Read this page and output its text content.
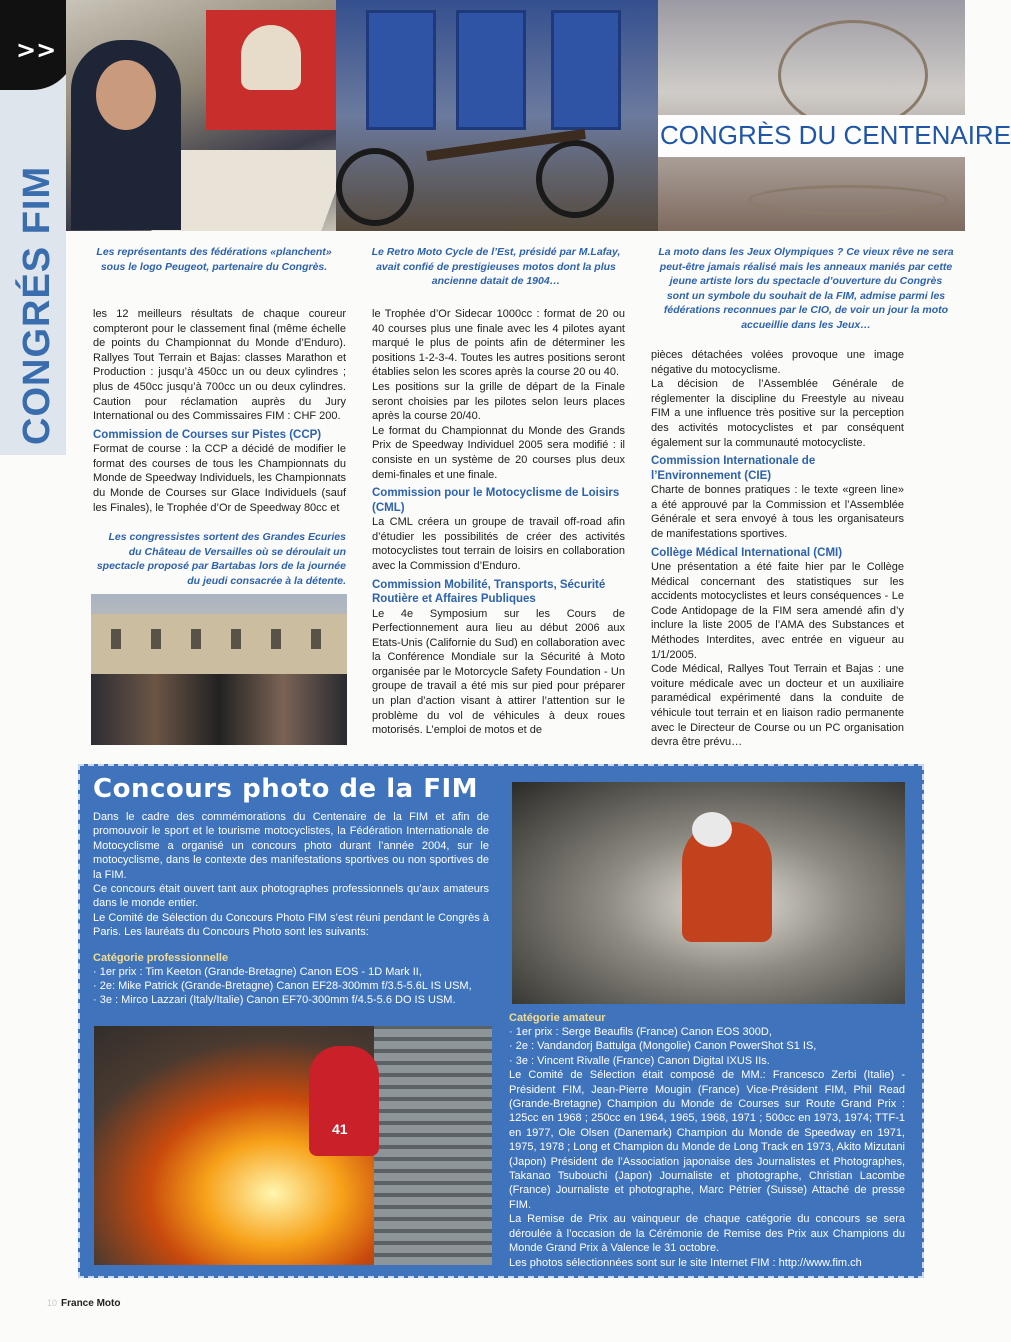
>>
CONGRÉS FIM
CONGRÈS DU CENTENAIRE
Les représentants des fédérations «planchent» sous le logo Peugeot, partenaire du Congrès.
Le Retro Moto Cycle de l’Est, présidé par M.Lafay, avait confié de prestigieuses motos dont la plus ancienne datait de 1904…
La moto dans les Jeux Olympiques ? Ce vieux rêve ne sera peut-être jamais réalisé mais les anneaux maniés par cette jeune artiste lors du spectacle d’ouverture du Congrès sont un symbole du souhait de la FIM, admise parmi les fédérations reconnues par le CIO, de voir un jour la moto accueillie dans les Jeux…

les 12 meilleurs résultats de chaque coureur compteront pour le classement final (même échelle de points du Championnat du Monde d’Enduro). Rallyes Tout Terrain et Bajas: classes Marathon et Production : jusqu’à 450cc un ou deux cylindres ; plus de 450cc jusqu’à 700cc un ou deux cylindres. Caution pour réclamation auprès du Jury International ou des Commissaires FIM : CHF 200.

Commission de Courses sur Pistes (CCP)

Format de course : la CCP a décidé de modifier le format des courses de tous les Championnats du Monde de Speedway Individuels, les Championnats du Monde de Courses sur Glace Individuels (sauf les Finales), le Trophée d’Or de Speedway 80cc et

Les congressistes sortent des Grandes Ecuries du Château de Versailles où se déroulait un spectacle proposé par Bartabas lors de la journée du jeudi consacrée à la détente.

le Trophée d’Or Sidecar 1000cc : format de 20 ou 40 courses plus une finale avec les 4 pilotes ayant marqué le plus de points afin de déterminer les positions 1-2-3-4. Toutes les autres positions seront établies selon les scores après la course 20 ou 40.

Les positions sur la grille de départ de la Finale seront choisies par les pilotes selon leurs places après la course 20/40.

Le format du Championnat du Monde des Grands Prix de Speedway Individuel 2005 sera modifié : il consiste en un système de 20 courses plus deux demi-finales et une finale.

Commission pour le Motocyclisme de Loisirs (CML)

La CML créera un groupe de travail off-road afin d’étudier les possibilités de créer des activités motocyclistes tout terrain de loisirs en collaboration avec la Commission d’Enduro.

Commission Mobilité, Transports, Sécurité Routière et Affaires Publiques

Le 4e Symposium sur les Cours de Perfectionnement aura lieu au début 2006 aux Etats-Unis (Californie du Sud) en collaboration avec la Conférence Mondiale sur la Sécurité à Moto organisée par le Motorcycle Safety Foundation - Un groupe de travail a été mis sur pied pour préparer un plan d’action visant à attirer l’attention sur le problème du vol de véhicules à deux roues motorisés. L’emploi de motos et de

pièces détachées volées provoque une image négative du motocyclisme.

La décision de l’Assemblée Générale de réglementer la discipline du Freestyle au niveau FIM a une influence très positive sur la perception des activités motocyclistes et par conséquent également sur la communauté motocycliste.

Commission Internationale de l’Environnement (CIE)

Charte de bonnes pratiques : le texte «green line» a été approuvé par la Commission et l’Assemblée Générale et sera envoyé à tous les organisateurs de manifestations sportives.

Collège Médical International (CMI)

Une présentation a été faite hier par le Collège Médical concernant des statistiques sur les accidents motocyclistes et leurs conséquences - Le Code Antidopage de la FIM sera amendé afin d’y inclure la liste 2005 de l’AMA des Substances et Méthodes Interdites, avec entrée en vigueur au 1/1/2005.

Code Médical, Rallyes Tout Terrain et Bajas : une voiture médicale avec un docteur et un auxiliaire paramédical expérimenté dans la conduite de véhicule tout terrain et en liaison radio permanente avec le Directeur de Course ou un PC organisation devra être prévu…

Concours photo de la FIM

Dans le cadre des commémorations du Centenaire de la FIM et afin de promouvoir le sport et le tourisme motocyclistes, la Fédération Internationale de Motocyclisme a organisé un concours photo durant l’année 2004, sur le motocyclisme, dans le contexte des manifestations sportives ou non sportives de la FIM.

Ce concours était ouvert tant aux photographes professionnels qu’aux amateurs dans le monde entier.

Le Comité de Sélection du Concours Photo FIM s’est réuni pendant le Congrès à Paris. Les lauréats du Concours Photo sont les suivants:

Catégorie professionnelle

· 1er prix : Tim Keeton (Grande-Bretagne) Canon EOS - 1D Mark II,

· 2e: Mike Patrick (Grande-Bretagne) Canon EF28-300mm f/3.5-5.6L IS USM,

· 3e : Mirco Lazzari (Italy/Italie) Canon EF70-300mm f/4.5-5.6 DO IS USM.

41
Catégorie amateur

· 1er prix : Serge Beaufils (France) Canon EOS 300D,

· 2e : Vandandorj Battulga (Mongolie) Canon PowerShot S1 IS,

· 3e : Vincent Rivalle (France) Canon Digital IXUS IIs.

Le Comité de Sélection était composé de MM.: Francesco Zerbi (Italie) - Président FIM, Jean-Pierre Mougin (France) Vice-Président FIM, Phil Read (Grande-Bretagne) Champion du Monde de Courses sur Route Grand Prix : 125cc en 1968 ; 250cc en 1964, 1965, 1968, 1971 ; 500cc en 1973, 1974; TTF-1 en 1977, Ole Olsen (Danemark) Champion du Monde de Speedway en 1971, 1975, 1978 ; Long et Champion du Monde de Long Track en 1973, Akito Mizutani (Japon) Président de l’Association japonaise des Journalistes et Photographes, Takanao Tsubouchi (Japon) Journaliste et photographe, Christian Lacombe (France) Journaliste et photographe, Marc Pétrier (Suisse) Attaché de presse FIM.

La Remise de Prix au vainqueur de chaque catégorie du concours se sera déroulée à l’occasion de la Cérémonie de Remise des Prix aux Champions du Monde Grand Prix à Valence le 31 octobre.

Les photos sélectionnées sont sur le site Internet FIM : http://www.fim.ch

10 France Moto
